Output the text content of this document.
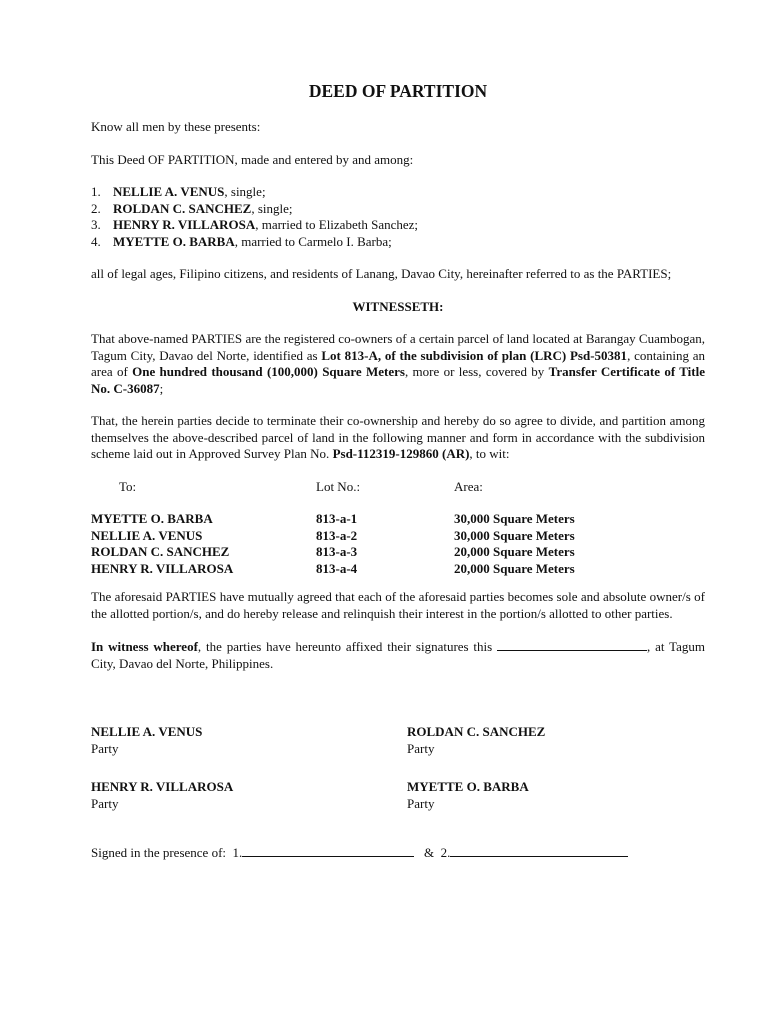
DEED OF PARTITION

Know all men by these presents:

This Deed OF PARTITION, made and entered by and among:

1. NELLIE A. VENUS, single;
2. ROLDAN C. SANCHEZ, single;
3. HENRY R. VILLAROSA, married to Elizabeth Sanchez;
4. MYETTE O. BARBA, married to Carmelo I. Barba;

all of legal ages, Filipino citizens, and residents of Lanang, Davao City, hereinafter referred to as the PARTIES;

WITNESSETH:

That above-named PARTIES are the registered co-owners of a certain parcel of land located at Barangay Cuambogan, Tagum City, Davao del Norte, identified as Lot 813-A, of the subdivision of plan (LRC) Psd-50381, containing an area of One hundred thousand (100,000) Square Meters, more or less, covered by Transfer Certificate of Title No. C-36087;

That, the herein parties decide to terminate their co-ownership and hereby do so agree to divide, and partition among themselves the above-described parcel of land in the following manner and form in accordance with the subdivision scheme laid out in Approved Survey Plan No. Psd-112319-129860 (AR), to wit:

To:	Lot No.:	Area:
MYETTE O. BARBA	813-a-1	30,000 Square Meters
NELLIE A. VENUS	813-a-2	30,000 Square Meters
ROLDAN C. SANCHEZ	813-a-3	20,000 Square Meters
HENRY R. VILLAROSA	813-a-4	20,000 Square Meters

The aforesaid PARTIES have mutually agreed that each of the aforesaid parties becomes sole and absolute owner/s of the allotted portion/s, and do hereby release and relinquish their interest in the portion/s allotted to other parties.

In witness whereof, the parties have hereunto affixed their signatures this	, at Tagum City, Davao del Norte, Philippines.

NELLIE A. VENUS
Party
ROLDAN C. SANCHEZ
Party
HENRY R. VILLAROSA
Party
MYETTE O. BARBA
Party

Signed in the presence of: 1.	& 2.
